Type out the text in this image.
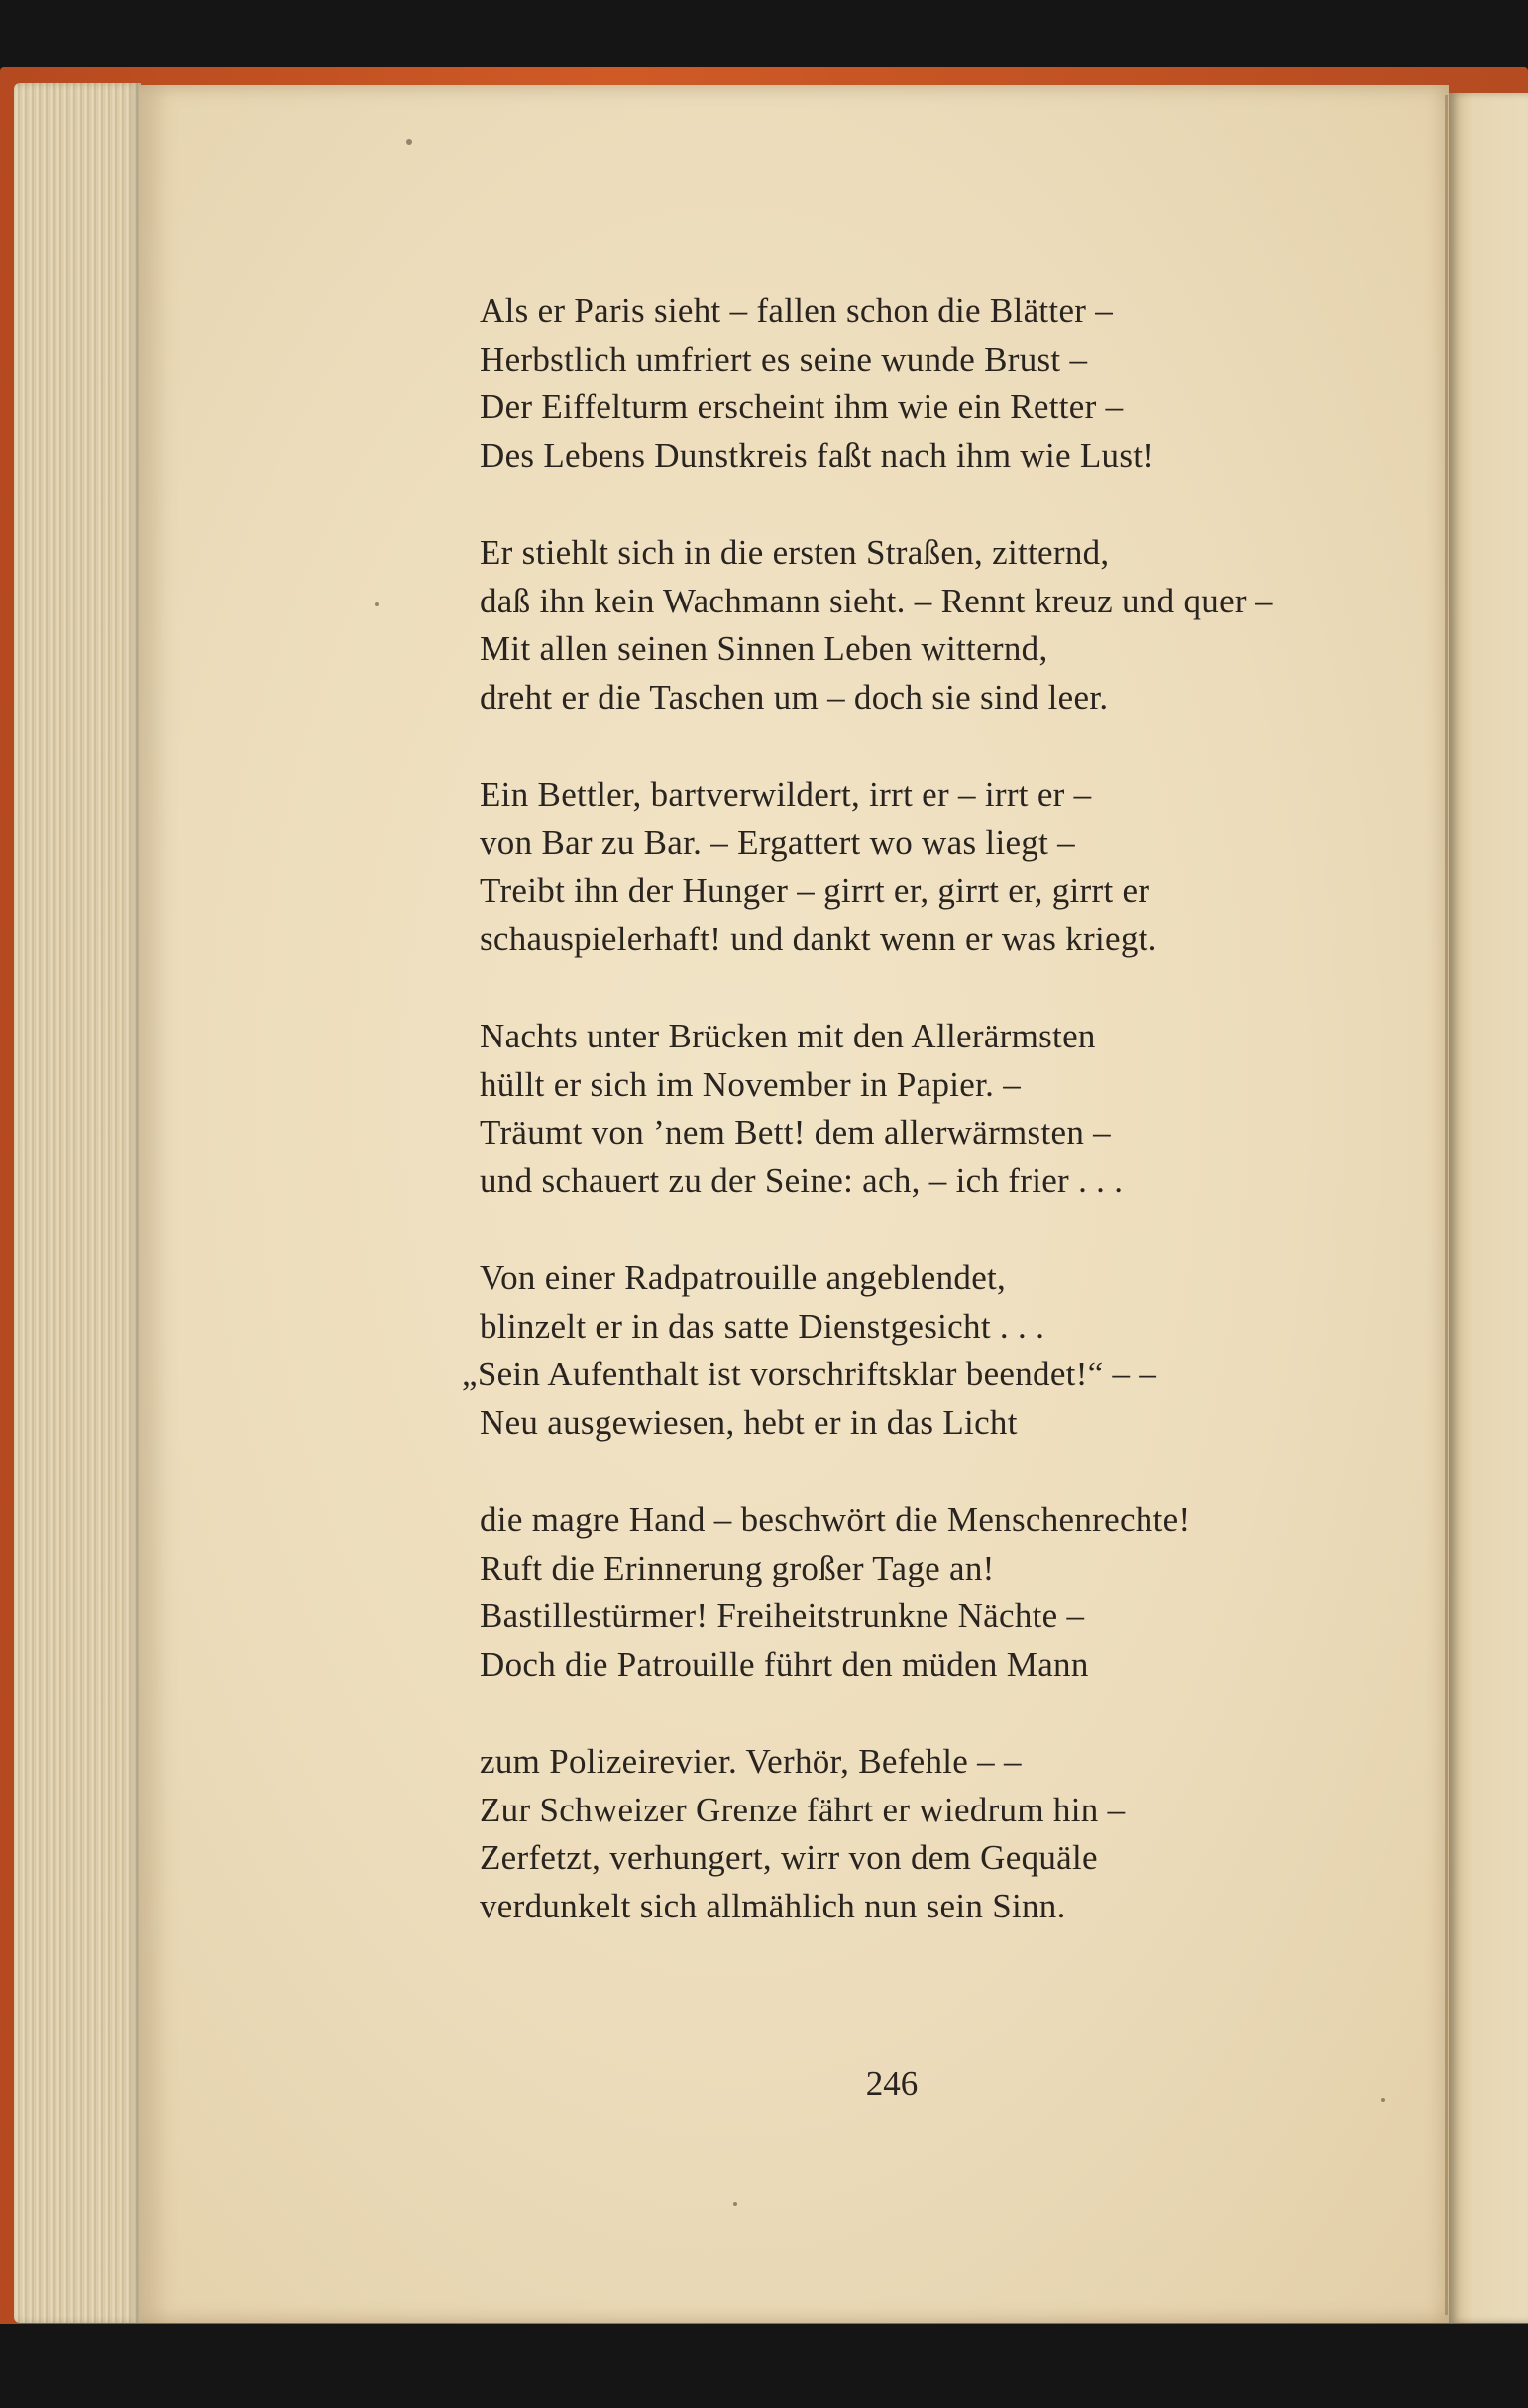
Als er Paris sieht – fallen schon die Blätter –
Herbstlich umfriert es seine wunde Brust –
Der Eiffelturm erscheint ihm wie ein Retter –
Des Lebens Dunstkreis faßt nach ihm wie Lust!
Er stiehlt sich in die ersten Straßen, zitternd,
daß ihn kein Wachmann sieht. – Rennt kreuz und quer –
Mit allen seinen Sinnen Leben witternd,
dreht er die Taschen um – doch sie sind leer.
Ein Bettler, bartverwildert, irrt er – irrt er –
von Bar zu Bar. – Ergattert wo was liegt –
Treibt ihn der Hunger – girrt er, girrt er, girrt er
schauspielerhaft! und dankt wenn er was kriegt.
Nachts unter Brücken mit den Allerärmsten
hüllt er sich im November in Papier. –
Träumt von ’nem Bett! dem allerwärmsten –
und schauert zu der Seine: ach, – ich frier . . .
Von einer Radpatrouille angeblendet,
blinzelt er in das satte Dienstgesicht . . .
„Sein Aufenthalt ist vorschriftsklar beendet!“ – –
Neu ausgewiesen, hebt er in das Licht
die magre Hand – beschwört die Menschenrechte!
Ruft die Erinnerung großer Tage an!
Bastillestürmer! Freiheitstrunkne Nächte –
Doch die Patrouille führt den müden Mann
zum Polizeirevier. Verhör, Befehle – –
Zur Schweizer Grenze fährt er wiedrum hin –
Zerfetzt, verhungert, wirr von dem Gequäle
verdunkelt sich allmählich nun sein Sinn.
246
